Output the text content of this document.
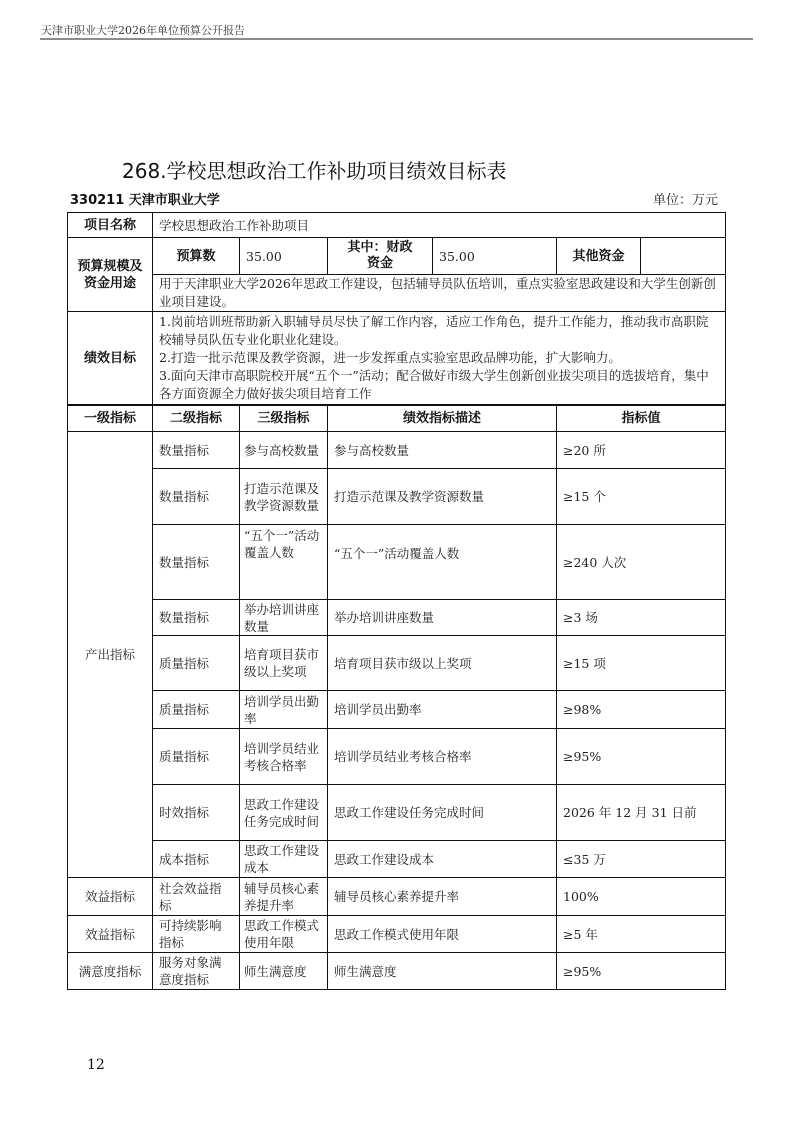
天津市职业大学2026年单位预算公开报告
268.学校思想政治工作补助项目绩效目标表
330211 天津市职业大学	单位：万元
项目名称	学校思想政治工作补助项目					
预算规模及资金用途	预算数	35.00	其中：财政资金	35.00	其他资金	
	用于天津职业大学2026年思政工作建设，包括辅导员队伍培训，重点实验室思政建设和大学生创新创业项目建设。					
绩效目标	1.岗前培训班帮助新入职辅导员尽快了解工作内容，适应工作角色，提升工作能力，推动我市高职院校辅导员队伍专业化职业化建设。
2.打造一批示范课及教学资源，进一步发挥重点实验室思政品牌功能，扩大影响力。
3.面向天津市高职院校开展“五个一”活动；配合做好市级大学生创新创业拔尖项目的选拔培育，集中各方面资源全力做好拔尖项目培育工作					
一级指标	二级指标	三级指标	绩效指标描述	指标值
产出指标	数量指标	参与高校数量	参与高校数量	≥20 所
	数量指标	打造示范课及教学资源数量	打造示范课及教学资源数量	≥15 个
	数量指标	“五个一”活动覆盖人数	“五个一”活动覆盖人数	≥240 人次
	数量指标	举办培训讲座数量	举办培训讲座数量	≥3 场
	质量指标	培育项目获市级以上奖项	培育项目获市级以上奖项	≥15 项
	质量指标	培训学员出勤率	培训学员出勤率	≥98%
	质量指标	培训学员结业考核合格率	培训学员结业考核合格率	≥95%
	时效指标	思政工作建设任务完成时间	思政工作建设任务完成时间	2026 年 12 月 31 日前
	成本指标	思政工作建设成本	思政工作建设成本	≤35 万
效益指标	社会效益指标	辅导员核心素养提升率	辅导员核心素养提升率	100%
效益指标	可持续影响指标	思政工作模式使用年限	思政工作模式使用年限	≥5 年
满意度指标	服务对象满意度指标	师生满意度	师生满意度	≥95%
12
